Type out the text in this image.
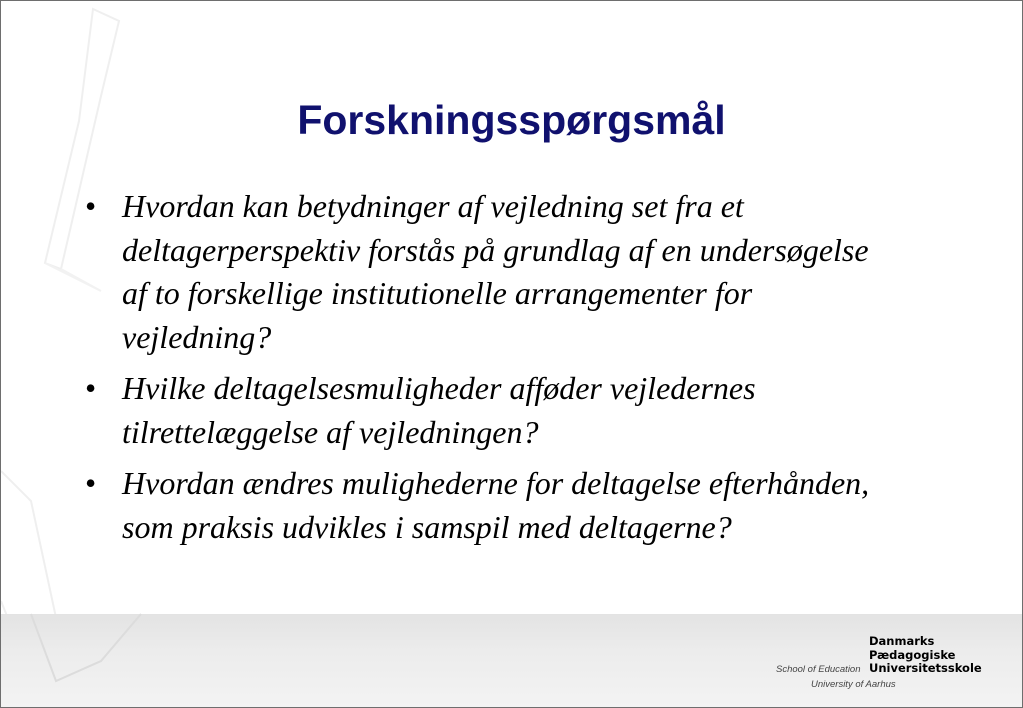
Forskningsspørgsmål
• Hvordan kan betydninger af vejledning set fra et deltagerperspektiv forstås på grundlag af en undersøgelse af to forskellige institutionelle arrangementer for vejledning?
• Hvilke deltagelsesmuligheder afføder vejledernes tilrettelæggelse af vejledningen?
• Hvordan ændres mulighederne for deltagelse efterhånden, som praksis udvikles i samspil med deltagerne?
Danmarks
Pædagogiske
Universitetsskole
School of Education
University of Aarhus
